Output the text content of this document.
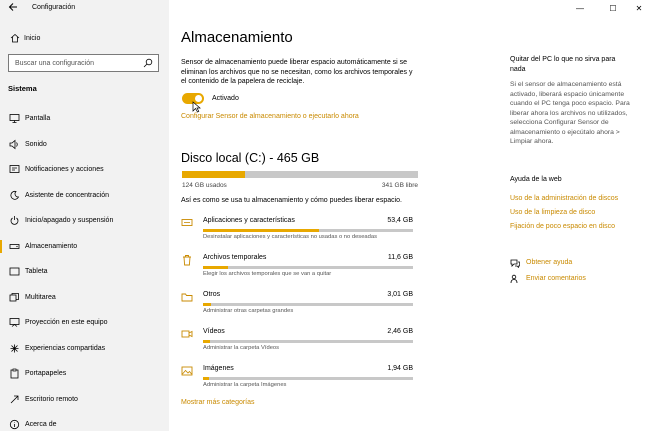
Configuración
Inicio
Buscar una configuración
Sistema
Pantalla
Sonido
Notificaciones y acciones
Asistente de concentración
Inicio/apagado y suspensión
Almacenamiento
Tableta
Multitarea
Proyección en este equipo
Experiencias compartidas
Portapapeles
Escritorio remoto
Acerca de
—	☐	✕
Almacenamiento

Sensor de almacenamiento puede liberar espacio automáticamente si se eliminan los archivos que no se necesitan, como los archivos temporales y el contenido de la papelera de reciclaje.

Activado
Configurar Sensor de almacenamiento o ejecutarlo ahora
Disco local (C:) - 465 GB
124 GB usados	341 GB libre
Así es como se usa tu almacenamiento y cómo puedes liberar espacio.
Aplicaciones y características	53,4 GB
Desinstalar aplicaciones y características no usadas o no deseadas
Archivos temporales	11,6 GB
Elegir los archivos temporales que se van a quitar
Otros	3,01 GB
Administrar otras carpetas grandes
Vídeos	2,46 GB
Administrar la carpeta Vídeos
Imágenes	1,94 GB
Administrar la carpeta Imágenes
Mostrar más categorías
Quitar del PC lo que no sirva para nada
Si el sensor de almacenamiento está activado, liberará espacio únicamente cuando el PC tenga poco espacio. Para liberar ahora los archivos no utilizados, selecciona Configurar Sensor de almacenamiento o ejecútalo ahora > Limpiar ahora.
Ayuda de la web
Uso de la administración de discos
Uso de la limpieza de disco
Fijación de poco espacio en disco
Obtener ayuda
Enviar comentarios
